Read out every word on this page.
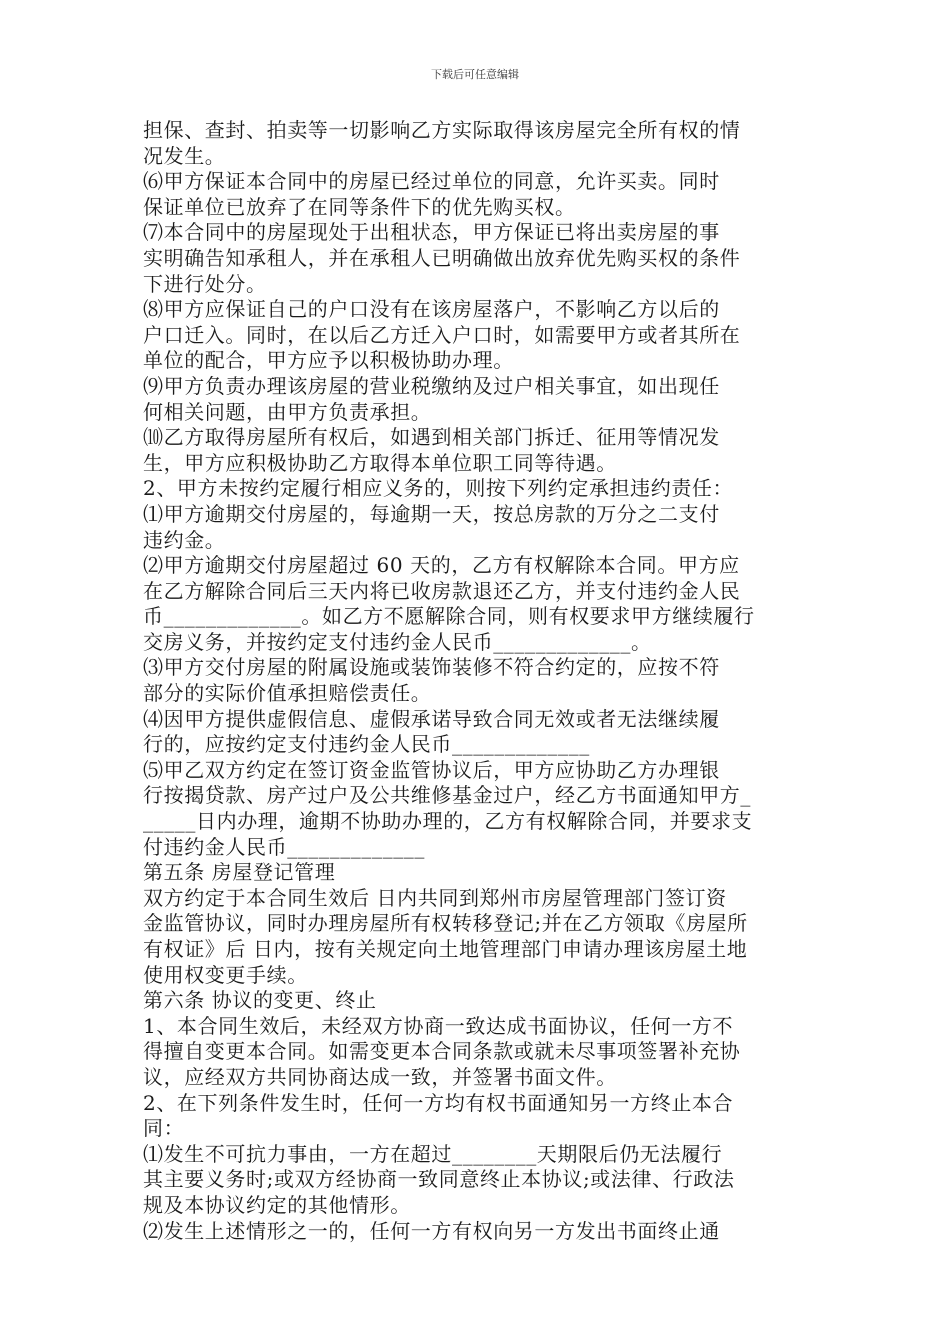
下载后可任意编辑
担保、查封、拍卖等一切影响乙方实际取得该房屋完全所有权的情
况发生。
⑹甲方保证本合同中的房屋已经过单位的同意，允许买卖。同时
保证单位已放弃了在同等条件下的优先购买权。
⑺本合同中的房屋现处于出租状态，甲方保证已将出卖房屋的事
实明确告知承租人，并在承租人已明确做出放弃优先购买权的条件
下进行处分。
⑻甲方应保证自己的户口没有在该房屋落户，不影响乙方以后的
户口迁入。同时，在以后乙方迁入户口时，如需要甲方或者其所在
单位的配合，甲方应予以积极协助办理。
⑼甲方负责办理该房屋的营业税缴纳及过户相关事宜，如出现任
何相关问题，由甲方负责承担。
⑽乙方取得房屋所有权后，如遇到相关部门拆迁、征用等情况发
生，甲方应积极协助乙方取得本单位职工同等待遇。
2、甲方未按约定履行相应义务的，则按下列约定承担违约责任：
⑴甲方逾期交付房屋的，每逾期一天，按总房款的万分之二支付
违约金。
⑵甲方逾期交付房屋超过 60 天的，乙方有权解除本合同。甲方应
在乙方解除合同后三天内将已收房款退还乙方，并支付违约金人民
币_____________。如乙方不愿解除合同，则有权要求甲方继续履行
交房义务，并按约定支付违约金人民币_____________。
⑶甲方交付房屋的附属设施或装饰装修不符合约定的，应按不符
部分的实际价值承担赔偿责任。
⑷因甲方提供虚假信息、虚假承诺导致合同无效或者无法继续履
行的，应按约定支付违约金人民币_____________
⑸甲乙双方约定在签订资金监管协议后，甲方应协助乙方办理银
行按揭贷款、房产过户及公共维修基金过户，经乙方书面通知甲方_
_____日内办理，逾期不协助办理的，乙方有权解除合同，并要求支
付违约金人民币_____________
第五条 房屋登记管理
双方约定于本合同生效后 日内共同到郑州市房屋管理部门签订资
金监管协议，同时办理房屋所有权转移登记;并在乙方领取《房屋所
有权证》后 日内，按有关规定向土地管理部门申请办理该房屋土地
使用权变更手续。
第六条 协议的变更、终止
1、本合同生效后，未经双方协商一致达成书面协议，任何一方不
得擅自变更本合同。如需变更本合同条款或就未尽事项签署补充协
议，应经双方共同协商达成一致，并签署书面文件。
2、在下列条件发生时，任何一方均有权书面通知另一方终止本合
同：
⑴发生不可抗力事由，一方在超过________天期限后仍无法履行
其主要义务时;或双方经协商一致同意终止本协议;或法律、行政法
规及本协议约定的其他情形。
⑵发生上述情形之一的，任何一方有权向另一方发出书面终止通
